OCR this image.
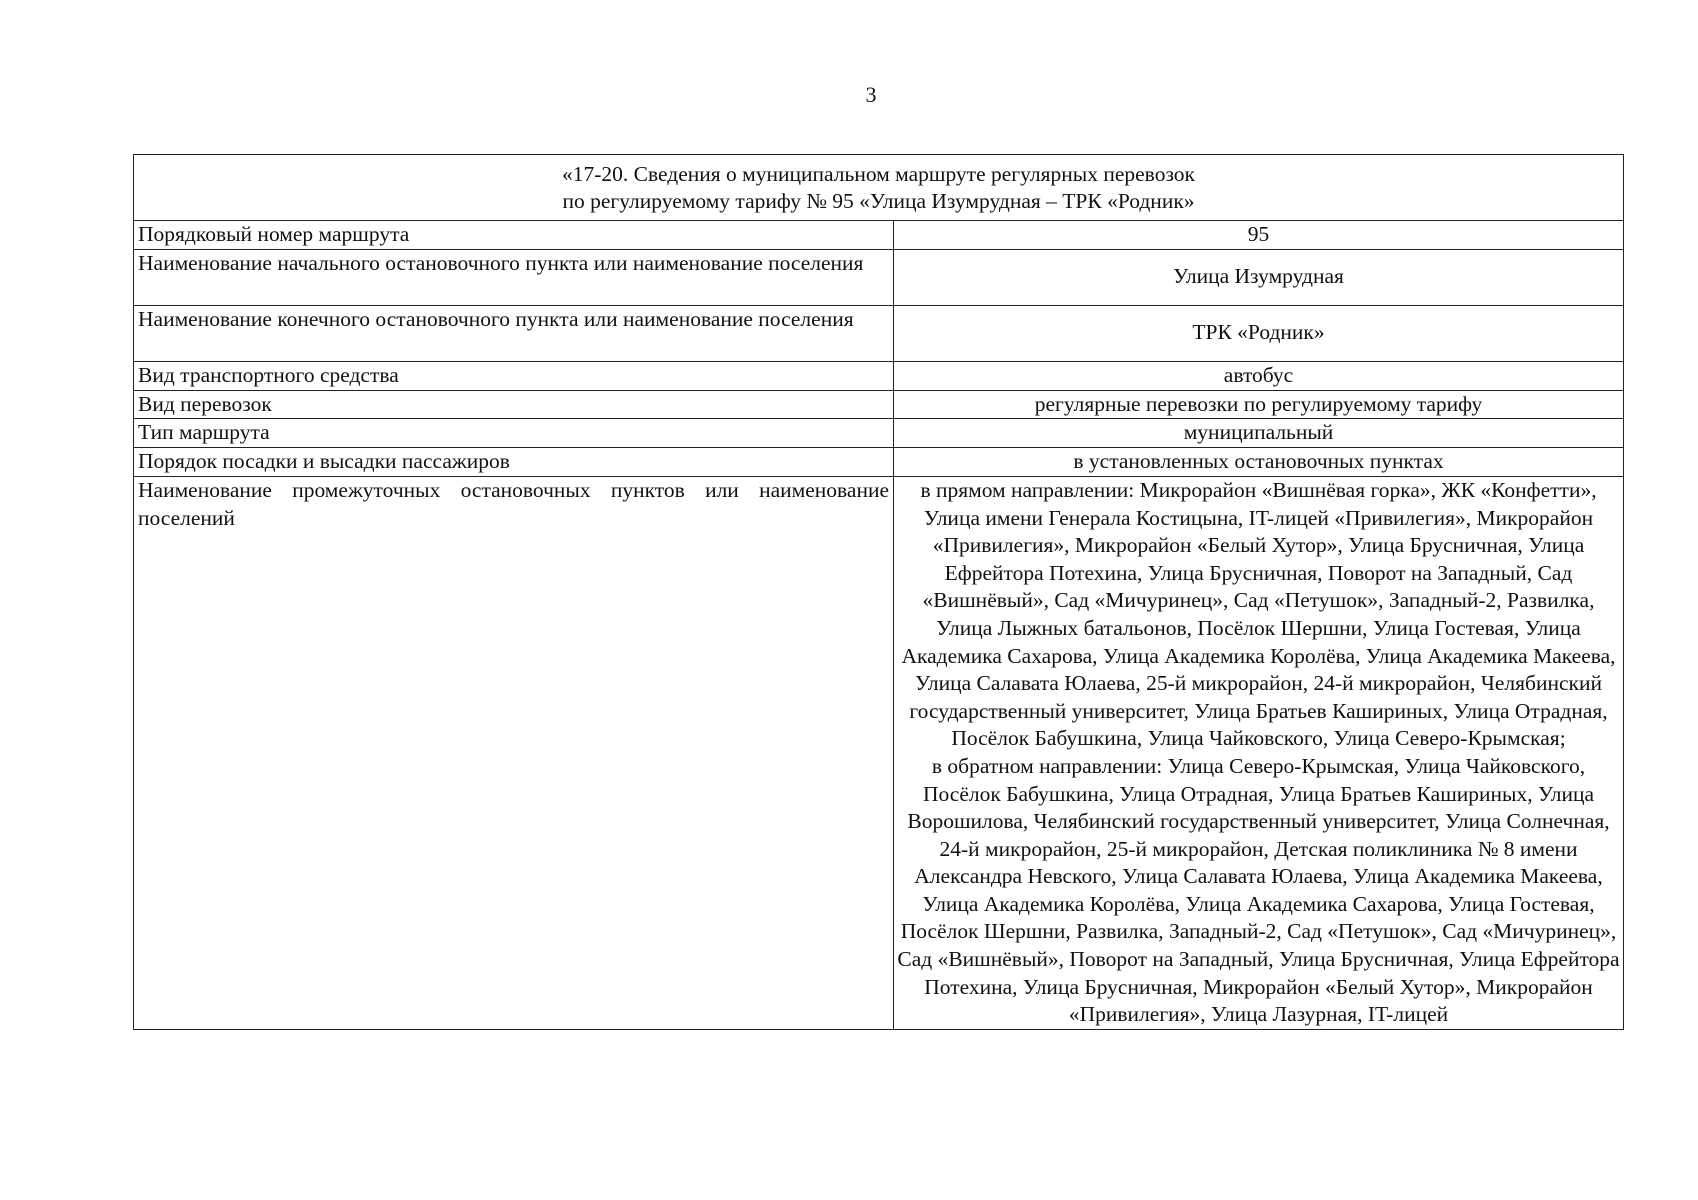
3
«17-20. Сведения о муниципальном маршруте регулярных перевозок
по регулируемому тарифу № 95 «Улица Изумрудная – ТРК «Родник»	

Порядковый номер маршрута	95
Наименование начального остановочного пункта или наименование поселения	Улица Изумрудная
Наименование конечного остановочного пункта или наименование поселения	ТРК «Родник»
Вид транспортного средства	автобус
Вид перевозок	регулярные перевозки по регулируемому тарифу
Тип маршрута	муниципальный
Порядок посадки и высадки пассажиров	в установленных остановочных пунктах
Наименование промежуточных остановочных пунктов или наименование поселений	в прямом направлении: Микрорайон «Вишнёвая горка», ЖК «Конфетти», Улица имени Генерала Костицына, IT-лицей «Привилегия», Микрорайон «Привилегия», Микрорайон «Белый Хутор», Улица Брусничная, Улица Ефрейтора Потехина, Улица Брусничная, Поворот на Западный, Сад «Вишнёвый», Сад «Мичуринец», Сад «Петушок», Западный-2, Развилка, Улица Лыжных батальонов, Посёлок Шершни, Улица Гостевая, Улица Академика Сахарова, Улица Академика Королёва, Улица Академика Макеева, Улица Салавата Юлаева, 25-й микрорайон, 24-й микрорайон, Челябинский государственный университет, Улица Братьев Кашириных, Улица Отрадная, Посёлок Бабушкина, Улица Чайковского, Улица Северо-Крымская;

в обратном направлении: Улица Северо-Крымская, Улица Чайковского, Посёлок Бабушкина, Улица Отрадная, Улица Братьев Кашириных, Улица Ворошилова, Челябинский государственный университет, Улица Солнечная, 24-й микрорайон, 25-й микрорайон, Детская поликлиника № 8 имени Александра Невского, Улица Салавата Юлаева, Улица Академика Макеева, Улица Академика Королёва, Улица Академика Сахарова, Улица Гостевая, Посёлок Шершни, Развилка, Западный-2, Сад «Петушок», Сад «Мичуринец», Сад «Вишнёвый», Поворот на Западный, Улица Брусничная, Улица Ефрейтора Потехина, Улица Брусничная, Микрорайон «Белый Хутор», Микрорайон «Привилегия», Улица Лазурная, IT-лицей
